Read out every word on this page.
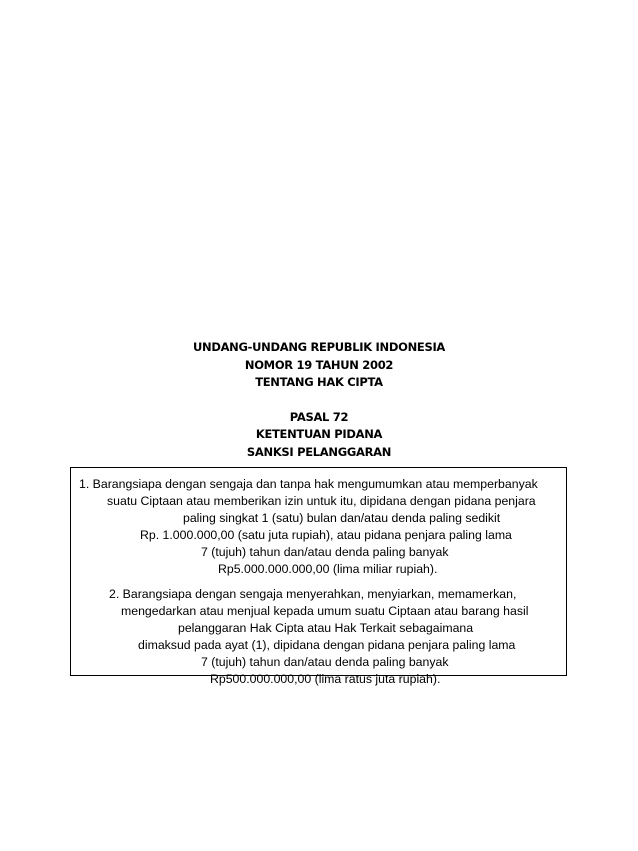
UNDANG-UNDANG REPUBLIK INDONESIA
NOMOR 19 TAHUN 2002
TENTANG HAK CIPTA
PASAL 72
KETENTUAN PIDANA
SANKSI PELANGGARAN
1. Barangsiapa dengan sengaja dan tanpa hak mengumumkan atau memperbanyak
suatu Ciptaan atau memberikan izin untuk itu, dipidana dengan pidana penjara
paling singkat 1 (satu) bulan dan/atau denda paling sedikit
Rp. 1.000.000,00 (satu juta rupiah), atau pidana penjara paling lama
7 (tujuh) tahun dan/atau denda paling banyak
Rp5.000.000.000,00 (lima miliar rupiah).
2. Barangsiapa dengan sengaja menyerahkan, menyiarkan, memamerkan,
mengedarkan atau menjual kepada umum suatu Ciptaan atau barang hasil
pelanggaran Hak Cipta atau Hak Terkait sebagaimana
dimaksud pada ayat (1), dipidana dengan pidana penjara paling lama
7 (tujuh) tahun dan/atau denda paling banyak
Rp500.000.000,00 (lima ratus juta rupiah).
